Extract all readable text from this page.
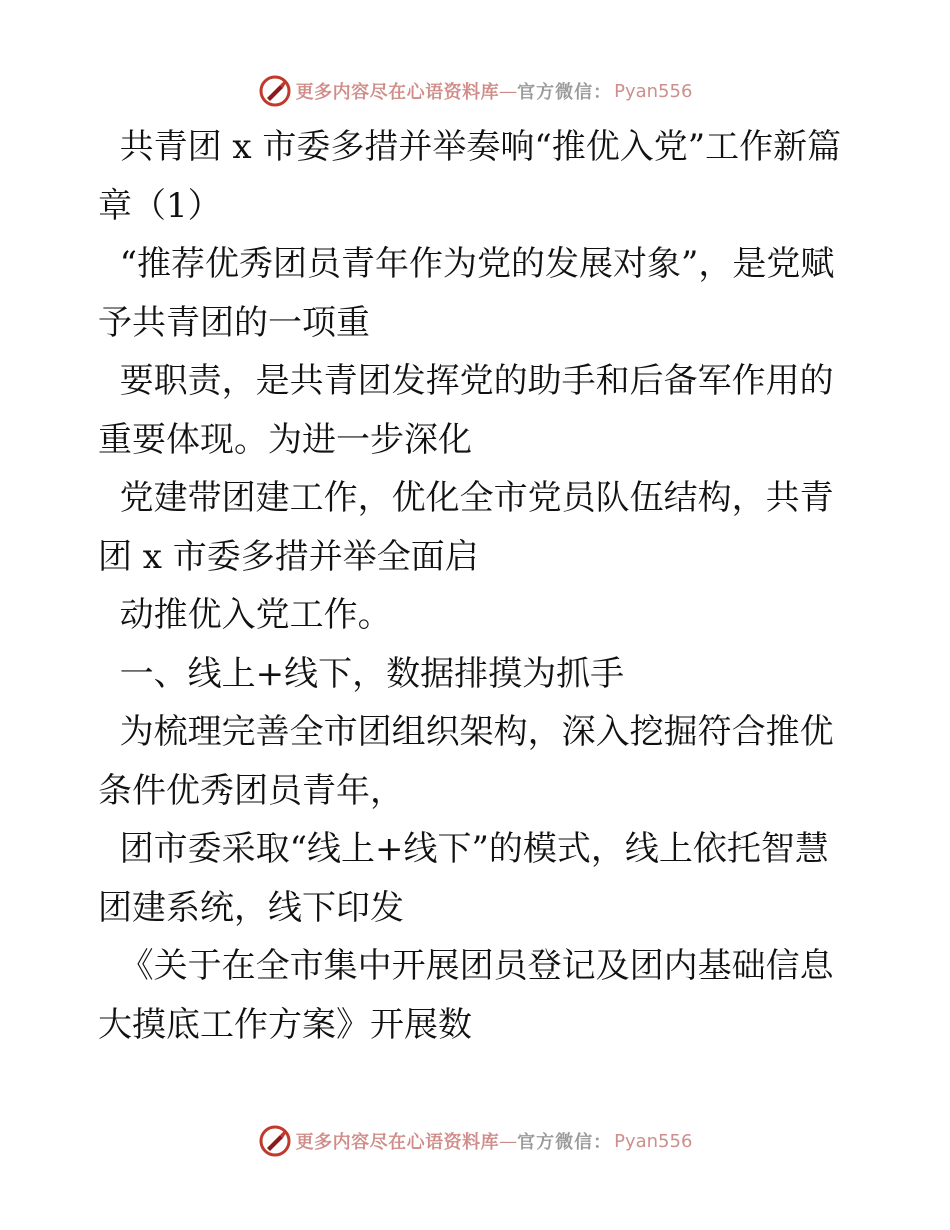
更多内容尽在心语资料库 — 官方微信： Pyan556

共青团 x 市委多措并举奏响“推优入党”工作新篇章（1）

“推荐优秀团员青年作为党的发展对象”，是党赋予共青团的一项重

要职责，是共青团发挥党的助手和后备军作用的重要体现。为进一步深化

党建带团建工作，优化全市党员队伍结构，共青团 x 市委多措并举全面启

动推优入党工作。

一、线上+线下，数据排摸为抓手

为梳理完善全市团组织架构，深入挖掘符合推优条件优秀团员青年，

团市委采取“线上+线下”的模式，线上依托智慧团建系统，线下印发

《关于在全市集中开展团员登记及团内基础信息大摸底工作方案》开展数

更多内容尽在心语资料库 — 官方微信： Pyan556
